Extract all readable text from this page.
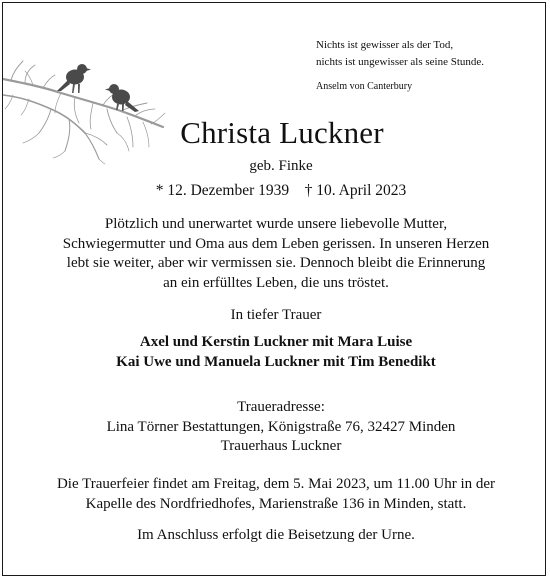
Nichts ist gewisser als der Tod,
nichts ist ungewisser als seine Stunde.
Anselm von Canterbury
Christa Luckner
geb. Finke
* 12. Dezember 1939 † 10. April 2023
Plötzlich und unerwartet wurde unsere liebevolle Mutter,
Schwiegermutter und Oma aus dem Leben gerissen. In unseren Herzen
lebt sie weiter, aber wir vermissen sie. Dennoch bleibt die Erinnerung
an ein erfülltes Leben, die uns tröstet.
In tiefer Trauer
Axel und Kerstin Luckner mit Mara Luise
Kai Uwe und Manuela Luckner mit Tim Benedikt
Traueradresse:
Lina Törner Bestattungen, Königstraße 76, 32427 Minden
Trauerhaus Luckner
Die Trauerfeier findet am Freitag, dem 5. Mai 2023, um 11.00 Uhr in der
Kapelle des Nordfriedhofes, Marienstraße 136 in Minden, statt.
Im Anschluss erfolgt die Beisetzung der Urne.
